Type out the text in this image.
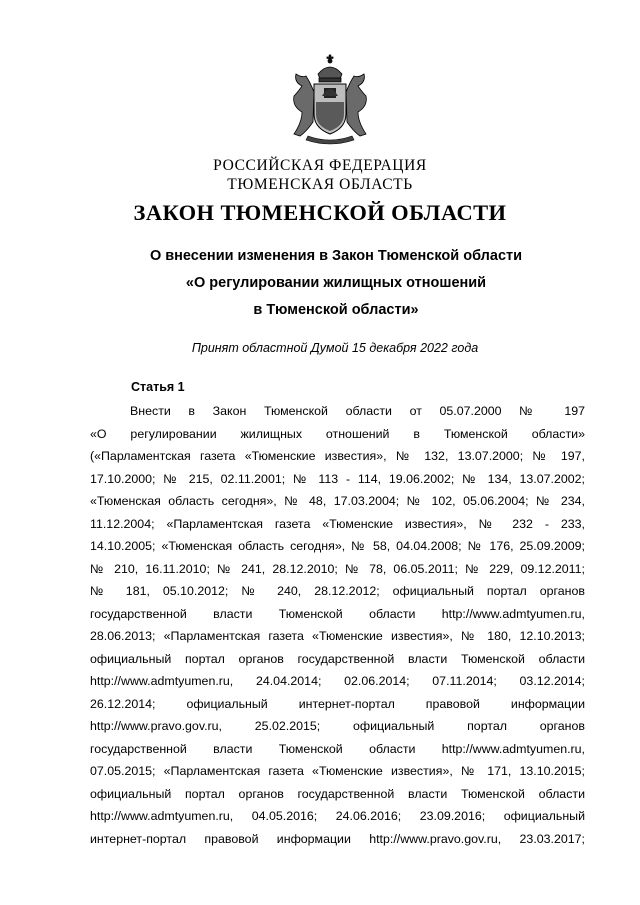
РОССИЙСКАЯ ФЕДЕРАЦИЯ
ТЮМЕНСКАЯ ОБЛАСТЬ
ЗАКОН ТЮМЕНСКОЙ ОБЛАСТИ
О внесении изменения в Закон Тюменской области
«О регулировании жилищных отношений
в Тюменской области»
Принят областной Думой 15 декабря 2022 года
Статья 1
Внести в Закон Тюменской области от 05.07.2000 № 197
«О регулировании жилищных отношений в Тюменской области»
(«Парламентская газета «Тюменские известия», № 132, 13.07.2000; № 197,
17.10.2000; № 215, 02.11.2001; № 113 - 114, 19.06.2002; № 134, 13.07.2002;
«Тюменская область сегодня», № 48, 17.03.2004; № 102, 05.06.2004; № 234,
11.12.2004; «Парламентская газета «Тюменские известия», № 232 - 233,
14.10.2005; «Тюменская область сегодня», № 58, 04.04.2008; № 176, 25.09.2009;
№ 210, 16.11.2010; № 241, 28.12.2010; № 78, 06.05.2011; № 229, 09.12.2011;
№ 181, 05.10.2012; № 240, 28.12.2012; официальный портал органов
государственной власти Тюменской области http://www.admtyumen.ru,
28.06.2013; «Парламентская газета «Тюменские известия», № 180, 12.10.2013;
официальный портал органов государственной власти Тюменской области
http://www.admtyumen.ru, 24.04.2014; 02.06.2014; 07.11.2014; 03.12.2014;
26.12.2014; официальный интернет-портал правовой информации
http://www.pravo.gov.ru, 25.02.2015; официальный портал органов
государственной власти Тюменской области http://www.admtyumen.ru,
07.05.2015; «Парламентская газета «Тюменские известия», № 171, 13.10.2015;
официальный портал органов государственной власти Тюменской области
http://www.admtyumen.ru, 04.05.2016; 24.06.2016; 23.09.2016; официальный
интернет-портал правовой информации http://www.pravo.gov.ru, 23.03.2017;
